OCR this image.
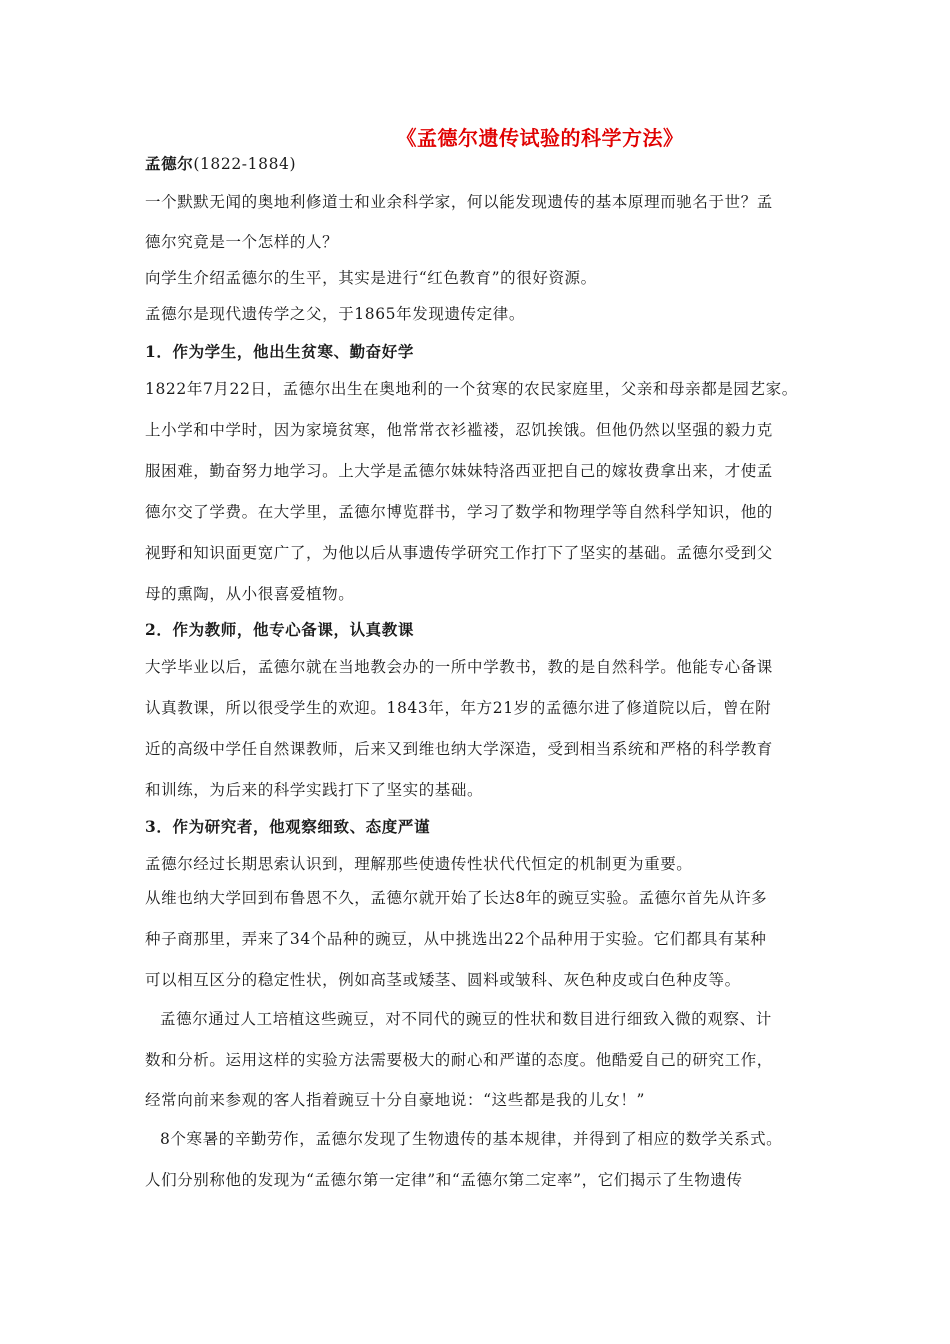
《孟德尔遗传试验的科学方法》
孟德尔(1822-1884)
一个默默无闻的奥地利修道士和业余科学家，何以能发现遗传的基本原理而驰名于世？孟
德尔究竟是一个怎样的人？
向学生介绍孟德尔的生平，其实是进行“红色教育”的很好资源。
孟德尔是现代遗传学之父，于1865年发现遗传定律。
1．作为学生，他出生贫寒、勤奋好学
1822年7月22日，孟德尔出生在奥地利的一个贫寒的农民家庭里，父亲和母亲都是园艺家。
上小学和中学时，因为家境贫寒，他常常衣衫褴褛，忍饥挨饿。但他仍然以坚强的毅力克
服困难，勤奋努力地学习。上大学是孟德尔妹妹特洛西亚把自己的嫁妆费拿出来，才使孟
德尔交了学费。在大学里，孟德尔博览群书，学习了数学和物理学等自然科学知识，他的
视野和知识面更宽广了，为他以后从事遗传学研究工作打下了坚实的基础。孟德尔受到父
母的熏陶，从小很喜爱植物。
2．作为教师，他专心备课，认真教课
大学毕业以后，孟德尔就在当地教会办的一所中学教书，教的是自然科学。他能专心备课
认真教课，所以很受学生的欢迎。1843年，年方21岁的孟德尔进了修道院以后，曾在附
近的高级中学任自然课教师，后来又到维也纳大学深造，受到相当系统和严格的科学教育
和训练，为后来的科学实践打下了坚实的基础。
3．作为研究者，他观察细致、态度严谨
孟德尔经过长期思索认识到，理解那些使遗传性状代代恒定的机制更为重要。
从维也纳大学回到布鲁恩不久，孟德尔就开始了长达8年的豌豆实验。孟德尔首先从许多
种子商那里，弄来了34个品种的豌豆，从中挑选出22个品种用于实验。它们都具有某种
可以相互区分的稳定性状，例如高茎或矮茎、圆料或皱科、灰色种皮或白色种皮等。
孟德尔通过人工培植这些豌豆，对不同代的豌豆的性状和数目进行细致入微的观察、计
数和分析。运用这样的实验方法需要极大的耐心和严谨的态度。他酷爱自己的研究工作，
经常向前来参观的客人指着豌豆十分自豪地说：“这些都是我的儿女！”
8个寒暑的辛勤劳作，孟德尔发现了生物遗传的基本规律，并得到了相应的数学关系式。
人们分别称他的发现为“孟德尔第一定律”和“孟德尔第二定率”，它们揭示了生物遗传
